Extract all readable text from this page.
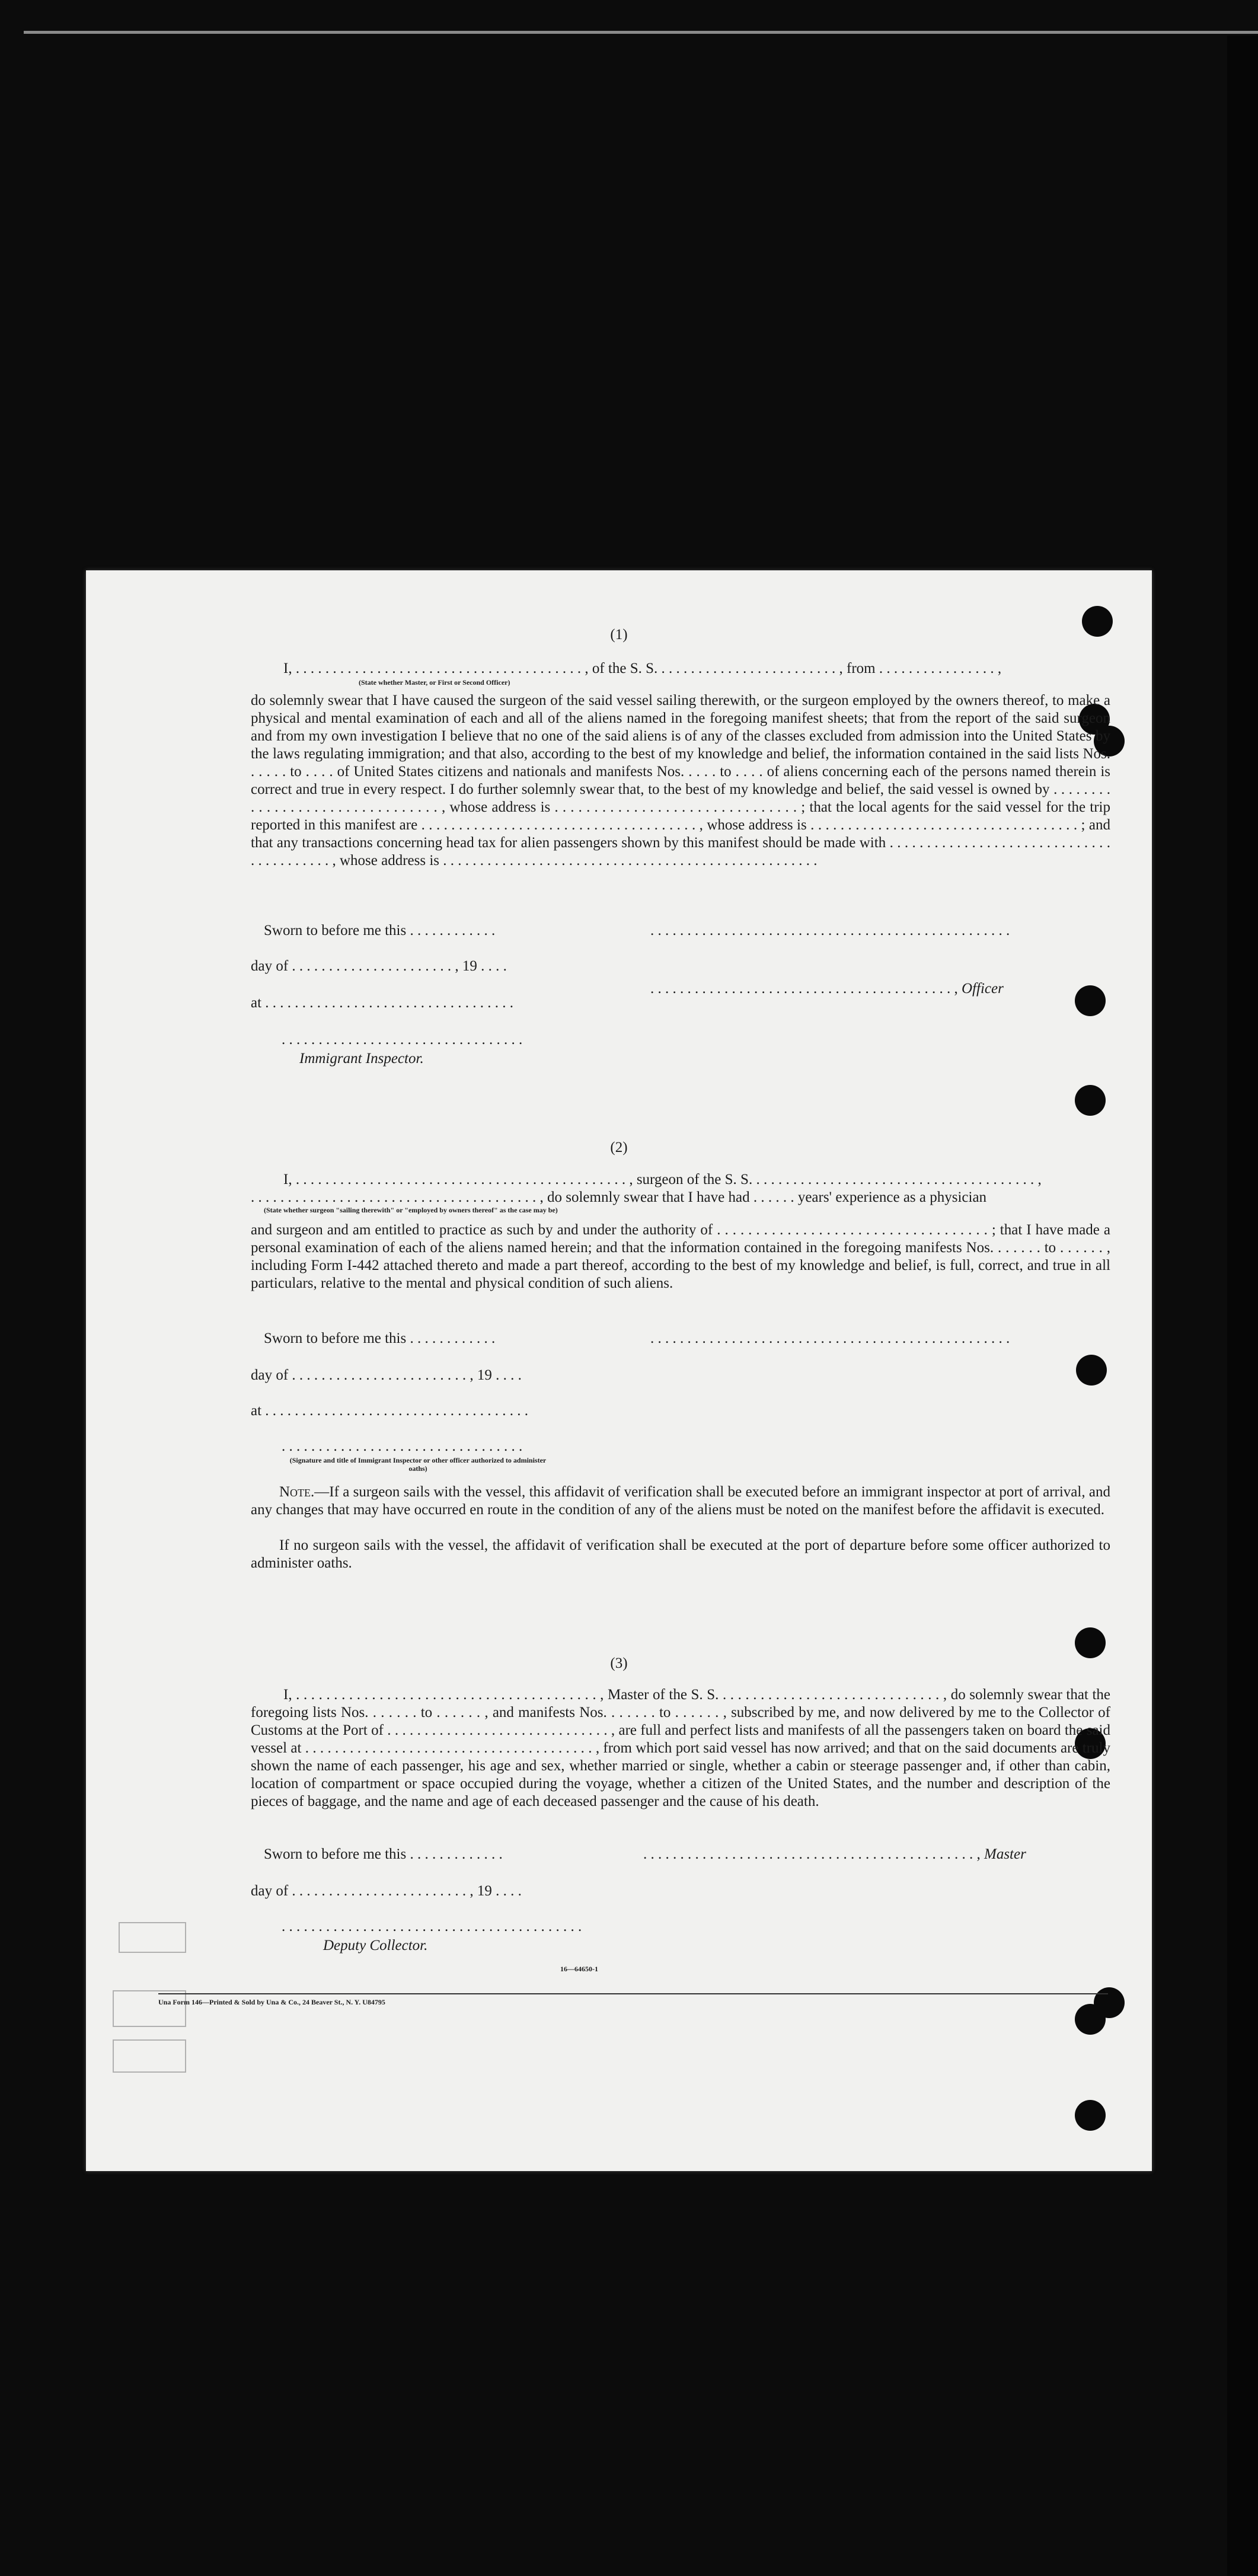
(1)
I, . . . . . . . . . . . . . . . . . . . . . . . . . . . . . . . . . . . . . . . , of the S. S. . . . . . . . . . . . . . . . . . . . . . . . . , from . . . . . . . . . . . . . . . . ,
(State whether Master, or First or Second Officer)
do solemnly swear that I have caused the surgeon of the said vessel sailing therewith, or the surgeon employed by the owners thereof, to make a physical and mental examination of each and all of the aliens named in the foregoing manifest sheets; that from the report of the said surgeon and from my own investigation I believe that no one of the said aliens is of any of the classes excluded from admission into the United States by the laws regulating immigration; and that also, according to the best of my knowledge and belief, the information contained in the said lists Nos. . . . . . to . . . . of United States citizens and nationals and manifests Nos. . . . . to . . . . of aliens concerning each of the persons named therein is correct and true in every respect. I do further solemnly swear that, to the best of my knowledge and belief, the said vessel is owned by . . . . . . . . . . . . . . . . . . . . . . . . . . . . . . . . , whose address is . . . . . . . . . . . . . . . . . . . . . . . . . . . . . . . ; that the local agents for the said vessel for the trip reported in this manifest are . . . . . . . . . . . . . . . . . . . . . . . . . . . . . . . . . . . . . , whose address is . . . . . . . . . . . . . . . . . . . . . . . . . . . . . . . . . . . . ; and that any transactions concerning head tax for alien passengers shown by this manifest should be made with . . . . . . . . . . . . . . . . . . . . . . . . . . . . . . . . . . . . . . . . . , whose address is . . . . . . . . . . . . . . . . . . . . . . . . . . . . . . . . . . . . . . . . . . . . . . . . . . .
Sworn to before me this . . . . . . . . . . . .	. . . . . . . . . . . . . . . . . . . . . . . . . . . . . . . . . . . . . . . . . . . . . . . . .
day of . . . . . . . . . . . . . . . . . . . . . . , 19 . . . .
. . . . . . . . . . . . . . . . . . . . . . . . . . . . . . . . . . . . . . . . . , Officer
at . . . . . . . . . . . . . . . . . . . . . . . . . . . . . . . . . .
. . . . . . . . . . . . . . . . . . . . . . . . . . . . . . . . .
Immigrant Inspector.
(2)
I, . . . . . . . . . . . . . . . . . . . . . . . . . . . . . . . . . . . . . . . . . . . . . , surgeon of the S. S. . . . . . . . . . . . . . . . . . . . . . . . . . . . . . . . . . . . . . . ,
. . . . . . . . . . . . . . . . . . . . . . . . . . . . . . . . . . . . . . . , do solemnly swear that I have had . . . . . . years' experience as a physician
(State whether surgeon "sailing therewith" or "employed by owners thereof" as the case may be)
and surgeon and am entitled to practice as such by and under the authority of . . . . . . . . . . . . . . . . . . . . . . . . . . . . . . . . . . . ; that I have made a personal examination of each of the aliens named herein; and that the information contained in the foregoing manifests Nos. . . . . . . to . . . . . . , including Form I-442 attached thereto and made a part thereof, according to the best of my knowledge and belief, is full, correct, and true in all particulars, relative to the mental and physical condition of such aliens.
Sworn to before me this . . . . . . . . . . . .	. . . . . . . . . . . . . . . . . . . . . . . . . . . . . . . . . . . . . . . . . . . . . . . . .
day of . . . . . . . . . . . . . . . . . . . . . . . . , 19 . . . .
at . . . . . . . . . . . . . . . . . . . . . . . . . . . . . . . . . . . .
. . . . . . . . . . . . . . . . . . . . . . . . . . . . . . . . .
(Signature and title of Immigrant Inspector or other officer authorized to administer oaths)
Note.—If a surgeon sails with the vessel, this affidavit of verification shall be executed before an immigrant inspector at port of arrival, and any changes that may have occurred en route in the condition of any of the aliens must be noted on the manifest before the affidavit is executed.
If no surgeon sails with the vessel, the affidavit of verification shall be executed at the port of departure before some officer authorized to administer oaths.
(3)
I, . . . . . . . . . . . . . . . . . . . . . . . . . . . . . . . . . . . . . . . . , Master of the S. S. . . . . . . . . . . . . . . . . . . . . . . . . . . . . . , do solemnly swear that the foregoing lists Nos. . . . . . . to . . . . . . , and manifests Nos. . . . . . . to . . . . . . , subscribed by me, and now delivered by me to the Collector of Customs at the Port of . . . . . . . . . . . . . . . . . . . . . . . . . . . . . . , are full and perfect lists and manifests of all the passengers taken on board the said vessel at . . . . . . . . . . . . . . . . . . . . . . . . . . . . . . . . . . . . . . . , from which port said vessel has now arrived; and that on the said documents are truly shown the name of each passenger, his age and sex, whether married or single, whether a cabin or steerage passenger and, if other than cabin, location of compartment or space occupied during the voyage, whether a citizen of the United States, and the number and description of the pieces of baggage, and the name and age of each deceased passenger and the cause of his death.
Sworn to before me this . . . . . . . . . . . . .	. . . . . . . . . . . . . . . . . . . . . . . . . . . . . . . . . . . . . . . . . . . . . , Master
day of . . . . . . . . . . . . . . . . . . . . . . . . , 19 . . . .
. . . . . . . . . . . . . . . . . . . . . . . . . . . . . . . . . . . . . . . . .
Deputy Collector.
16—64650-1
Una Form 146—Printed & Sold by Una & Co., 24 Beaver St., N. Y. U84795
